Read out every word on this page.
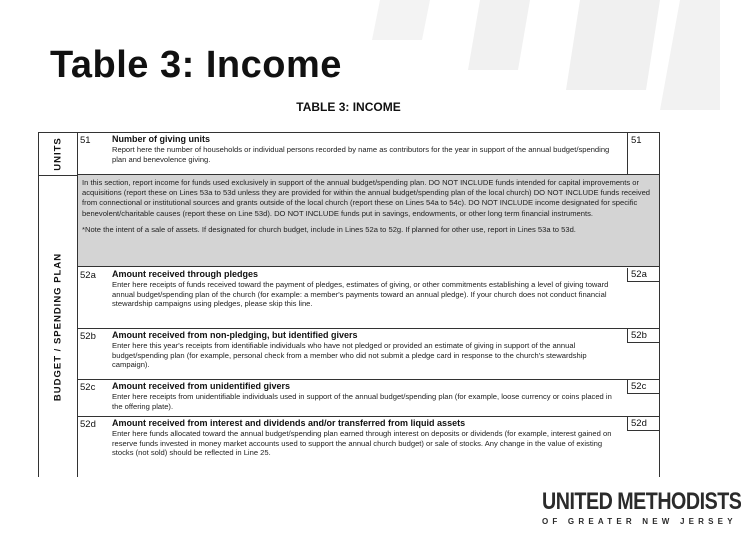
Table 3: Income
TABLE 3: INCOME
UNITS
BUDGET / SPENDING PLAN
51	Number of giving units
Report here the number of households or individual persons recorded by name as contributors for the year in support of the annual budget/spending plan and benevolence giving.
51

In this section, report income for funds used exclusively in support of the annual budget/spending plan. DO NOT INCLUDE funds intended for capital improvements or acquisitions (report these on Lines 53a to 53d unless they are provided for within the annual budget/spending plan of the local church) DO NOT INCLUDE funds received from connectional or institutional sources and grants outside of the local church (report these on Lines 54a to 54c). DO NOT INCLUDE income designated for specific benevolent/charitable causes (report these on Line 53d). DO NOT INCLUDE funds put in savings, endowments, or other long term financial instruments.

*Note the intent of a sale of assets. If designated for church budget, include in Lines 52a to 52g. If planned for other use, report in Lines 53a to 53d.

52a	Amount received through pledges
Enter here receipts of funds received toward the payment of pledges, estimates of giving, or other commitments establishing a level of giving toward annual budget/spending plan of the church (for example: a member's payments toward an annual pledge). If your church does not conduct financial stewardship campaigns using pledges, please skip this line.
52a
52b	Amount received from non-pledging, but identified givers
Enter here this year's receipts from identifiable individuals who have not pledged or provided an estimate of giving in support of the annual budget/spending plan (for example, personal check from a member who did not submit a pledge card in response to the church's stewardship campaign).
52b
52c	Amount received from unidentified givers
Enter here receipts from unidentifiable individuals used in support of the annual budget/spending plan (for example, loose currency or coins placed in the offering plate).
52c
52d	Amount received from interest and dividends and/or transferred from liquid assets
Enter here funds allocated toward the annual budget/spending plan earned through interest on deposits or dividends (for example, interest gained on reserve funds invested in money market accounts used to support the annual church budget) or sale of stocks. Any change in the value of existing stocks (not sold) should be reflected in Line 25.
52d
UNITED METHODISTS
OF GREATER NEW JERSEY
